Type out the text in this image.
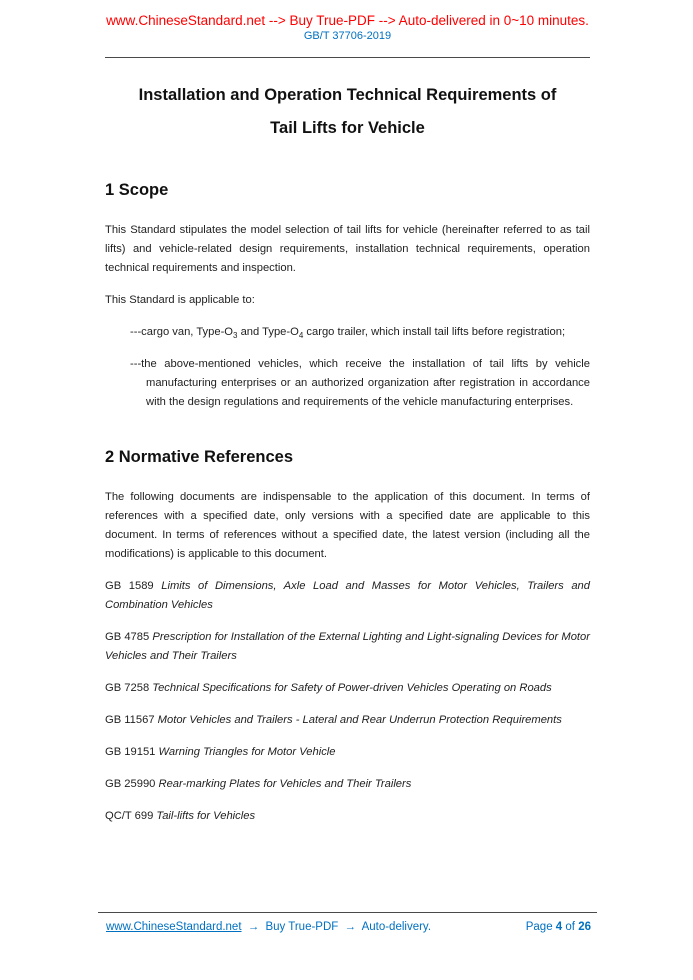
www.ChineseStandard.net --> Buy True-PDF --> Auto-delivered in 0~10 minutes.
GB/T 37706-2019
Installation and Operation Technical Requirements of
Tail Lifts for Vehicle
1 Scope

This Standard stipulates the model selection of tail lifts for vehicle (hereinafter referred to as tail lifts) and vehicle-related design requirements, installation technical requirements, operation technical requirements and inspection.

This Standard is applicable to:

---cargo van, Type-$O_3$ and Type-$O_4$ cargo trailer, which install tail lifts before registration;

---the above-mentioned vehicles, which receive the installation of tail lifts by vehicle manufacturing enterprises or an authorized organization after registration in accordance with the design regulations and requirements of the vehicle manufacturing enterprises.

2 Normative References

The following documents are indispensable to the application of this document. In terms of references with a specified date, only versions with a specified date are applicable to this document. In terms of references without a specified date, the latest version (including all the modifications) is applicable to this document.

GB 1589 Limits of Dimensions, Axle Load and Masses for Motor Vehicles, Trailers and Combination Vehicles

GB 4785 Prescription for Installation of the External Lighting and Light-signaling Devices for Motor Vehicles and Their Trailers

GB 7258 Technical Specifications for Safety of Power-driven Vehicles Operating on Roads

GB 11567 Motor Vehicles and Trailers - Lateral and Rear Underrun Protection Requirements

GB 19151 Warning Triangles for Motor Vehicle

GB 25990 Rear-marking Plates for Vehicles and Their Trailers

QC/T 699 Tail-lifts for Vehicles

www.ChineseStandard.net → Buy True-PDF → Auto-delivery.	Page 4 of 26
